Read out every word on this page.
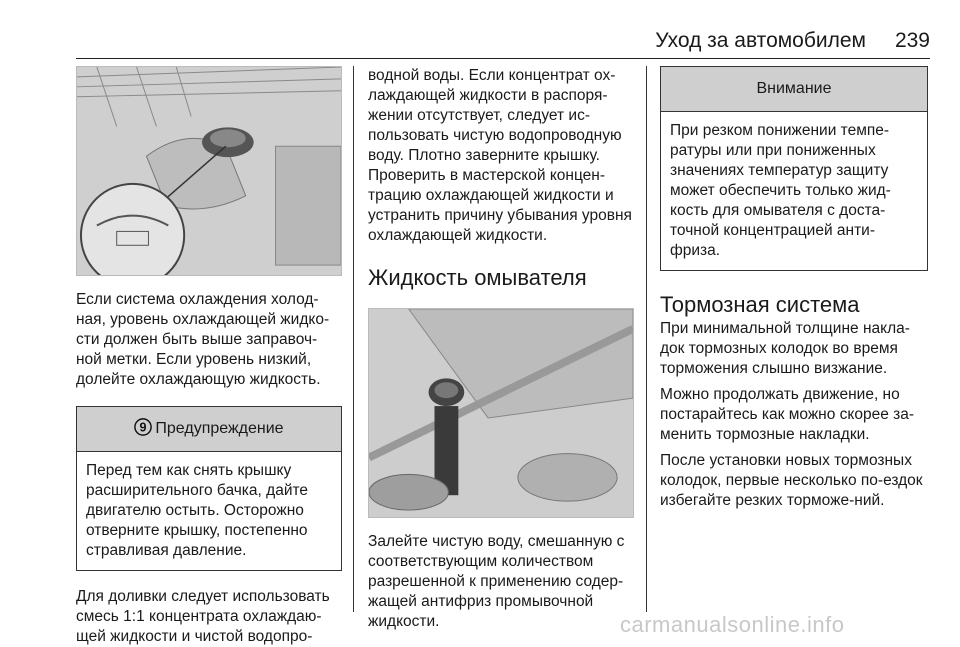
Уход за автомобилем	239

Если система охлаждения холод-ная, уровень охлаждающей жидко-сти должен быть выше заправоч-ной метки. Если уровень низкий, долейте охлаждающую жидкость.

9 Предупреждение
Перед тем как снять крышку расширительного бачка, дайте двигателю остыть. Осторожно отверните крышку, постепенно стравливая давление.

Для доливки следует использовать смесь 1:1 концентрата охлаждаю-щей жидкости и чистой водопро-

водной воды. Если концентрат ох-лаждающей жидкости в распоря-жении отсутствует, следует ис-пользовать чистую водопроводную воду. Плотно заверните крышку. Проверить в мастерской концен-трацию охлаждающей жидкости и устранить причину убывания уровня охлаждающей жидкости.

Жидкость омывателя

Залейте чистую воду, смешанную с соответствующим количеством разрешенной к применению содер-жащей антифриз промывочной жидкости.

Внимание
При резком понижении темпе-ратуры или при пониженных значениях температур защиту может обеспечить только жид-кость для омывателя с доста-точной концентрацией анти-фриза.
Тормозная система

При минимальной толщине накла-док тормозных колодок во время торможения слышно визжание.

Можно продолжать движение, но постарайтесь как можно скорее за-менить тормозные накладки.

После установки новых тормозных колодок, первые несколько по-ездок избегайте резких торможе-ний.

carmanualsonline.info
